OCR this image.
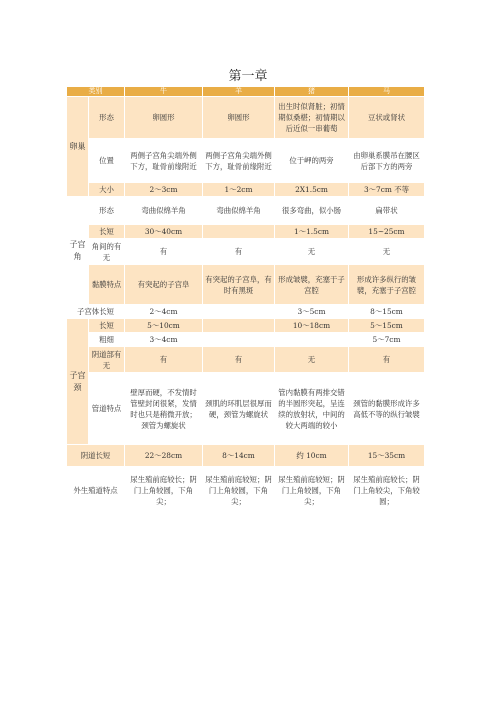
第一章
类别		牛	羊	猪	马
卵巢	形态	卵圆形	卵圆形	出生时似肾脏；初情期似桑椹；初情期以后近似一串葡萄	豆状或肾状
	位置	两侧子宫角尖端外侧下方，耻骨前缘附近	两侧子宫角尖端外侧下方，耻骨前缘附近	位于岬的两旁	由卵巢系膜吊在腰区后部下方的两旁
	大小	2～3cm	1～2cm	2X1.5cm	3～7cm 不等
子宫角	形态	弯曲似绵羊角	弯曲似绵羊角	很多弯曲，似小肠	扁带状
	长短	30～40cm		1～1.5cm	15~25cm
	角间的有无	有	有	无	无
	黏膜特点	有突起的子宫阜	有突起的子宫阜，有时有黑斑	形成皱襞，充塞于子宫腔	形成许多纵行的皱襞，充塞于子宫腔
子宫体长短		2～4cm		3～5cm	8～15cm
子宫颈	长短	5～10cm		10～18cm	5～15cm
	粗细	3～4cm			5～7cm
	阴道部有无	有	有	无	有
	管道特点	壁厚而硬，不发情时管壁封闭很紧，发情时也只是稍微开放；颈管为螺旋状	颈肌的环肌层很厚而硬，颈管为螺旋状	管内黏膜有两排交错的半圆形突起，呈连续的放射状，中间的较大两端的较小	颈管的黏膜形成许多高低不等的纵行皱襞
阴道长短		22～28cm	8～14cm	约 10cm	15～35cm
外生殖道特点		尿生殖前庭较长；阴门上角较圆，下角尖；	尿生殖前庭较短；阴门上角较圆，下角尖；	尿生殖前庭较短；阴门上角较圆，下角尖；	尿生殖前庭较长；阴门上角较尖，下角较圆；
